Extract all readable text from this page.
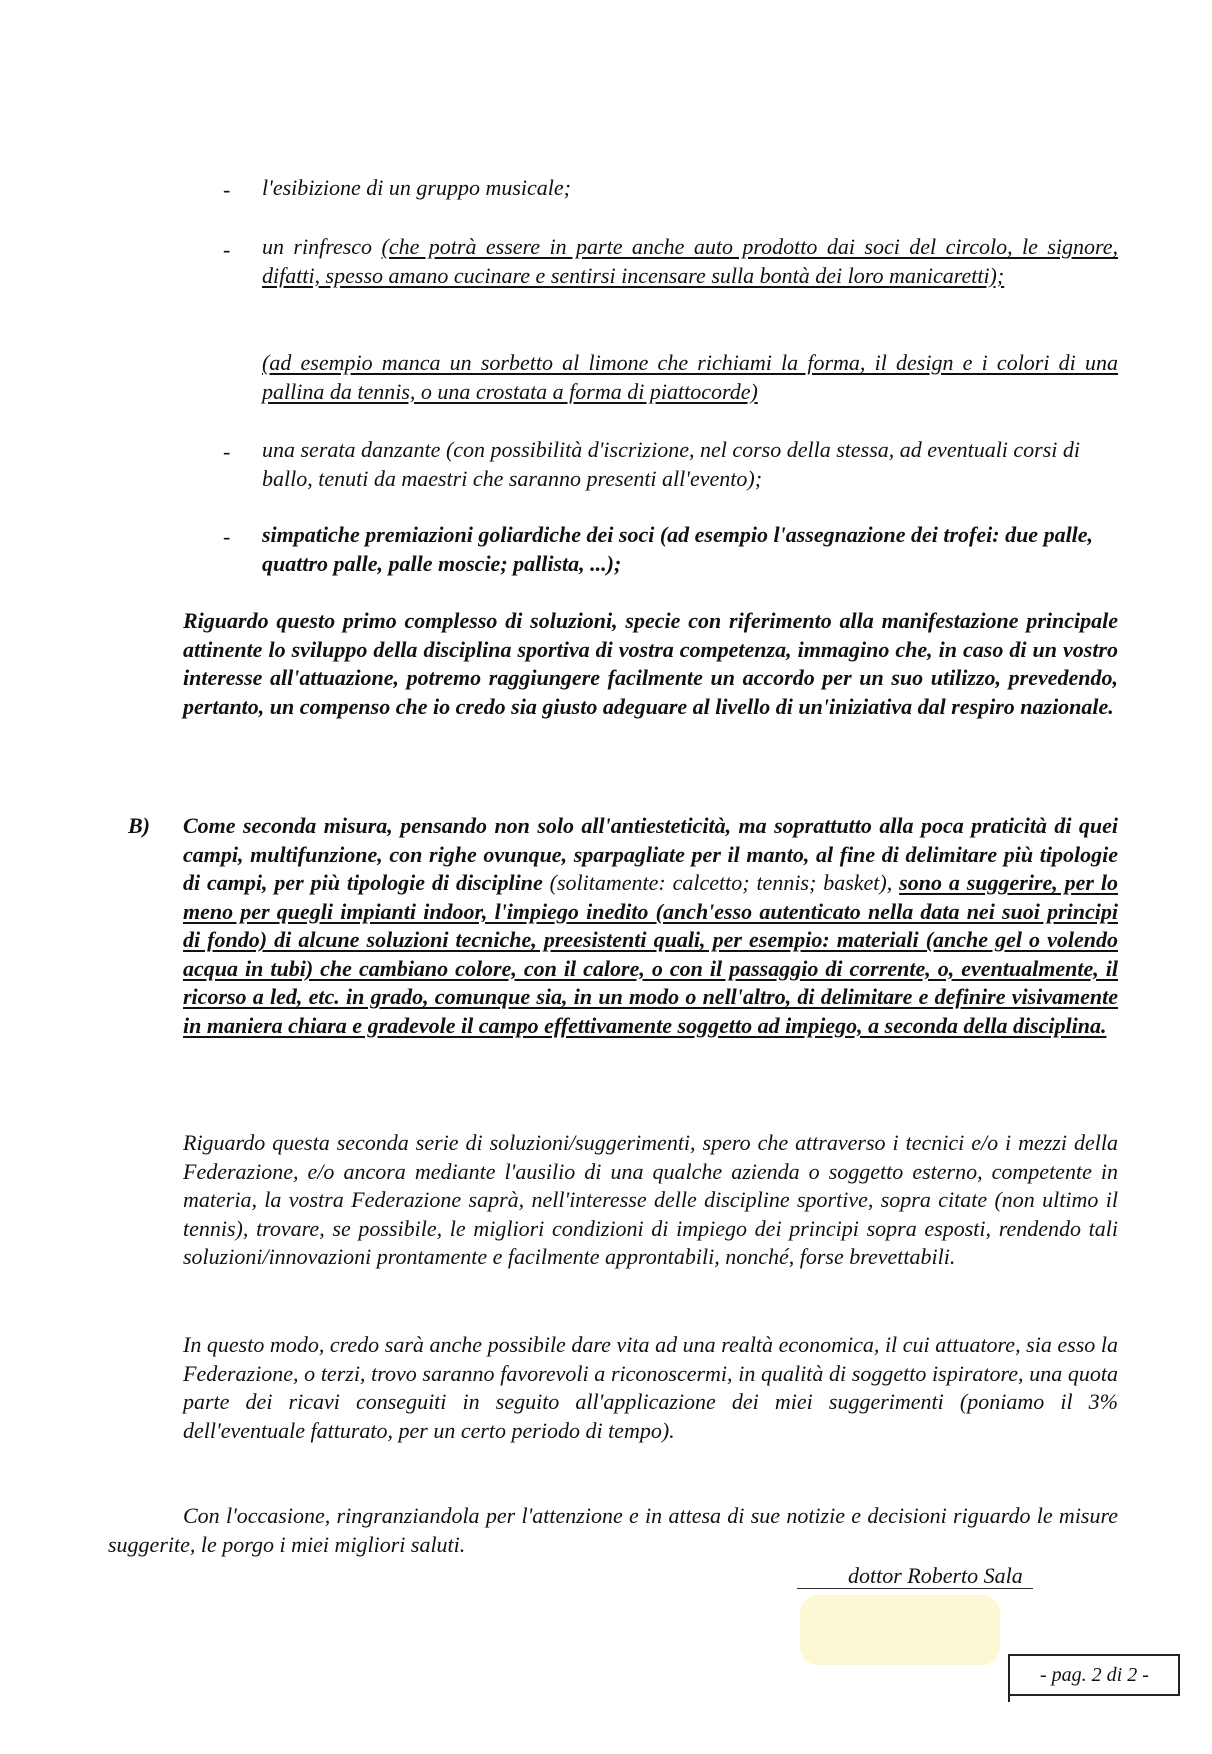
- l'esibizione di un gruppo musicale;

- un rinfresco (che potrà essere in parte anche auto prodotto dai soci del circolo, le signore, difatti, spesso amano cucinare e sentirsi incensare sulla bontà dei loro manicaretti);

(ad esempio manca un sorbetto al limone che richiami la forma, il design e i colori di una pallina da tennis, o una crostata a forma di piattocorde)

- una serata danzante (con possibilità d'iscrizione, nel corso della stessa, ad eventuali corsi di ballo, tenuti da maestri che saranno presenti all'evento);

- simpatiche premiazioni goliardiche dei soci (ad esempio l'assegnazione dei trofei: due palle, quattro palle, palle moscie; pallista, ...);

Riguardo questo primo complesso di soluzioni, specie con riferimento alla manifestazione principale attinente lo sviluppo della disciplina sportiva di vostra competenza, immagino che, in caso di un vostro interesse all'attuazione, potremo raggiungere facilmente un accordo per un suo utilizzo, prevedendo, pertanto, un compenso che io credo sia giusto adeguare al livello di un'iniziativa dal respiro nazionale.

B) Come seconda misura, pensando non solo all'antiesteticità, ma soprattutto alla poca praticità di quei campi, multifunzione, con righe ovunque, sparpagliate per il manto, al fine di delimitare più tipologie di campi, per più tipologie di discipline (solitamente: calcetto; tennis; basket), sono a suggerire, per lo meno per quegli impianti indoor, l'impiego inedito (anch'esso autenticato nella data nei suoi principi di fondo) di alcune soluzioni tecniche, preesistenti quali, per esempio: materiali (anche gel o volendo acqua in tubi) che cambiano colore, con il calore, o con il passaggio di corrente, o, eventualmente, il ricorso a led, etc. in grado, comunque sia, in un modo o nell'altro, di delimitare e definire visivamente in maniera chiara e gradevole il campo effettivamente soggetto ad impiego, a seconda della disciplina.

Riguardo questa seconda serie di soluzioni/suggerimenti, spero che attraverso i tecnici e/o i mezzi della Federazione, e/o ancora mediante l'ausilio di una qualche azienda o soggetto esterno, competente in materia, la vostra Federazione saprà, nell'interesse delle discipline sportive, sopra citate (non ultimo il tennis), trovare, se possibile, le migliori condizioni di impiego dei principi sopra esposti, rendendo tali soluzioni/innovazioni prontamente e facilmente approntabili, nonché, forse brevettabili.

In questo modo, credo sarà anche possibile dare vita ad una realtà economica, il cui attuatore, sia esso la Federazione, o terzi, trovo saranno favorevoli a riconoscermi, in qualità di soggetto ispiratore, una quota parte dei ricavi conseguiti in seguito all'applicazione dei miei suggerimenti (poniamo il 3% dell'eventuale fatturato, per un certo periodo di tempo).

Con l'occasione, ringranziandola per l'attenzione e in attesa di sue notizie e decisioni riguardo le misure suggerite, le porgo i miei migliori saluti.

dottor Roberto Sala
- pag. 2 di 2 -
